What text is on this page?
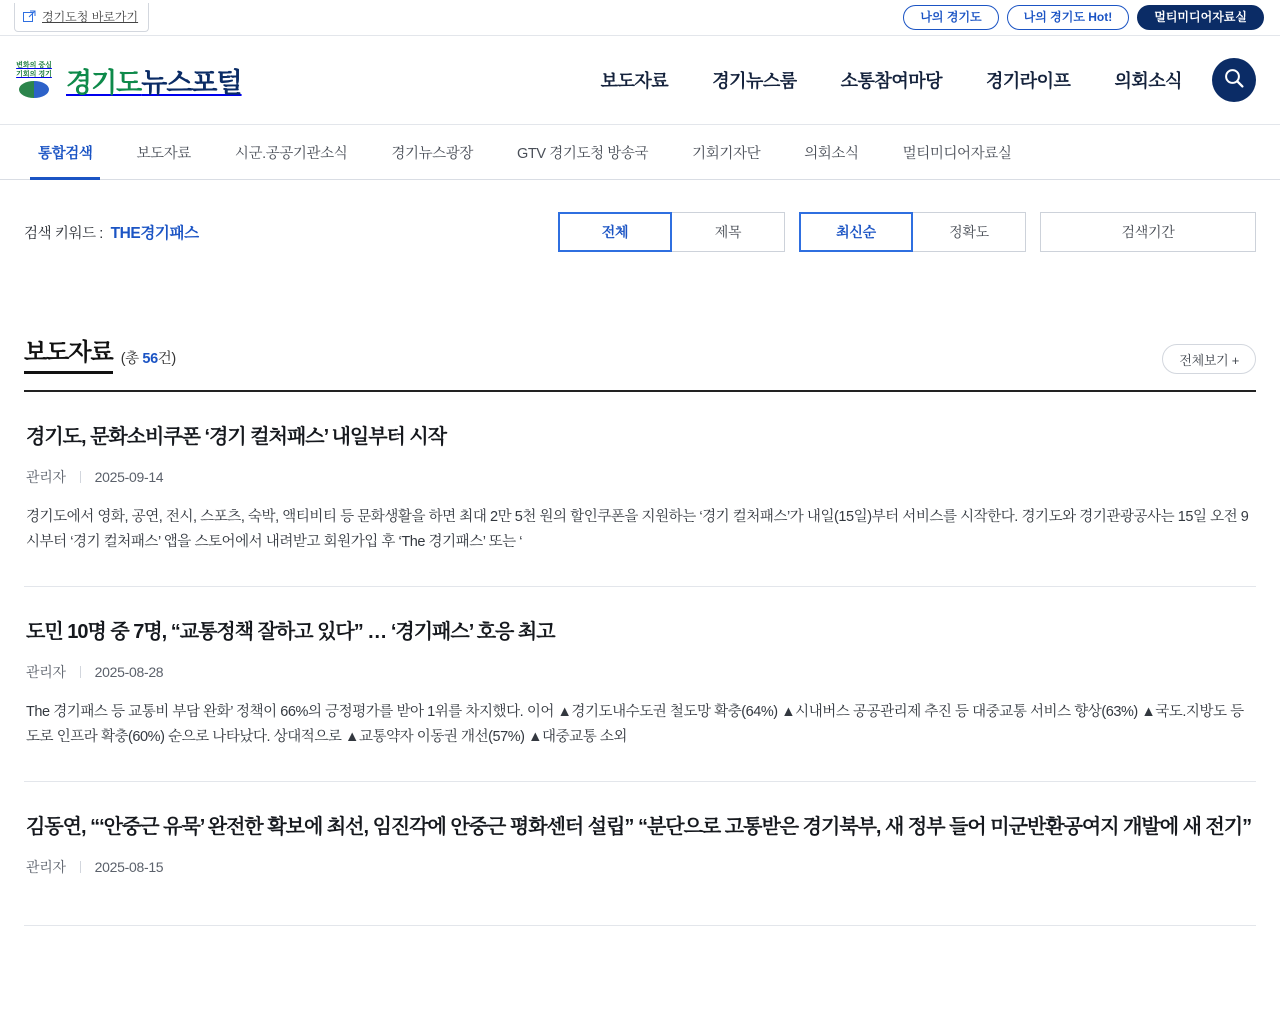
경기도청 바로가기	나의 경기도	나의 경기도 Hot!	멀티미디어자료실
변화의 중심
기회의 경기 경기도뉴스포털	보도자료 경기뉴스룸 소통참여마당 경기라이프 의회소식
통합검색	보도자료	시군.공공기관소식	경기뉴스광장	GTV 경기도청 방송국	기회기자단	의회소식	멀티미디어자료실
검색 키워드 : THE경기패스	전체	제목	최신순	정확도	검색기간
보도자료 (총 56건)	전체보기 +
경기도, 문화소비쿠폰 ‘경기 컬처패스’ 내일부터 시작
관리자 2025-09-14

경기도에서 영화, 공연, 전시, 스포츠, 숙박, 액티비티 등 문화생활을 하면 최대 2만 5천 원의 할인쿠폰을 지원하는 ‘경기 컬처패스’가 내일(15일)부터 서비스를 시작한다. 경기도와 경기관광공사는 15일 오전 9시부터 ‘경기 컬처패스’ 앱을 스토어에서 내려받고 회원가입 후 ‘The 경기패스’ 또는 ‘

도민 10명 중 7명, “교통정책 잘하고 있다” … ‘경기패스’ 호응 최고
관리자 2025-08-28

The 경기패스 등 교통비 부담 완화’ 정책이 66%의 긍정평가를 받아 1위를 차지했다. 이어 ▲경기도내수도권 철도망 확충(64%) ▲시내버스 공공관리제 추진 등 대중교통 서비스 향상(63%) ▲국도.지방도 등 도로 인프라 확충(60%) 순으로 나타났다. 상대적으로 ▲교통약자 이동권 개선(57%) ▲대중교통 소외

김동연, “‘안중근 유묵’ 완전한 확보에 최선, 임진각에 안중근 평화센터 설립” “분단으로 고통받은 경기북부, 새 정부 들어 미군반환공여지 개발에 새 전기”
관리자 2025-08-15
